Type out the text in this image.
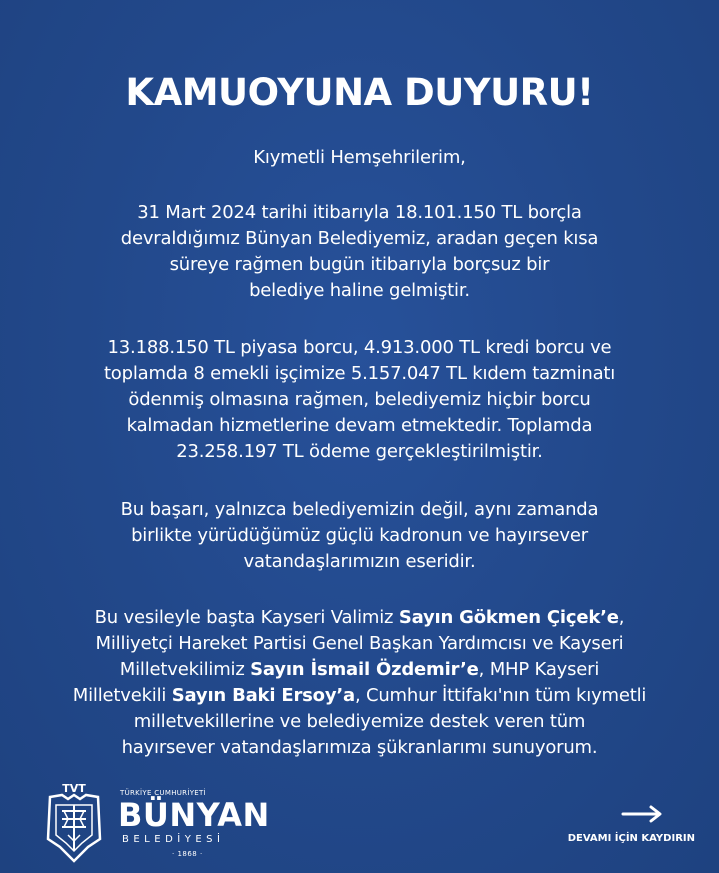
KAMUOYUNA DUYURU!
Kıymetli Hemşehrilerim,
31 Mart 2024 tarihi itibarıyla 18.101.150 TL borçla
devraldığımız Bünyan Belediyemiz, aradan geçen kısa
süreye rağmen bugün itibarıyla borçsuz bir
belediye haline gelmiştir.
13.188.150 TL piyasa borcu, 4.913.000 TL kredi borcu ve
toplamda 8 emekli işçimize 5.157.047 TL kıdem tazminatı
ödenmiş olmasına rağmen, belediyemiz hiçbir borcu
kalmadan hizmetlerine devam etmektedir. Toplamda
23.258.197 TL ödeme gerçekleştirilmiştir.
Bu başarı, yalnızca belediyemizin değil, aynı zamanda
birlikte yürüdüğümüz güçlü kadronun ve hayırsever
vatandaşlarımızın eseridir.
Bu vesileyle başta Kayseri Valimiz Sayın Gökmen Çiçek’e,
Milliyetçi Hareket Partisi Genel Başkan Yardımcısı ve Kayseri
Milletvekilimiz Sayın İsmail Özdemir’e, MHP Kayseri
Milletvekili Sayın Baki Ersoy’a, Cumhur İttifakı'nın tüm kıymetli
milletvekillerine ve belediyemize destek veren tüm
hayırsever vatandaşlarımıza şükranlarımı sunuyorum.
TVT	TÜRKİYE CUMHURİYETİ
BÜNYAN
BELEDİYESİ
· 1868 ·
DEVAMI İÇİN KAYDIRIN
